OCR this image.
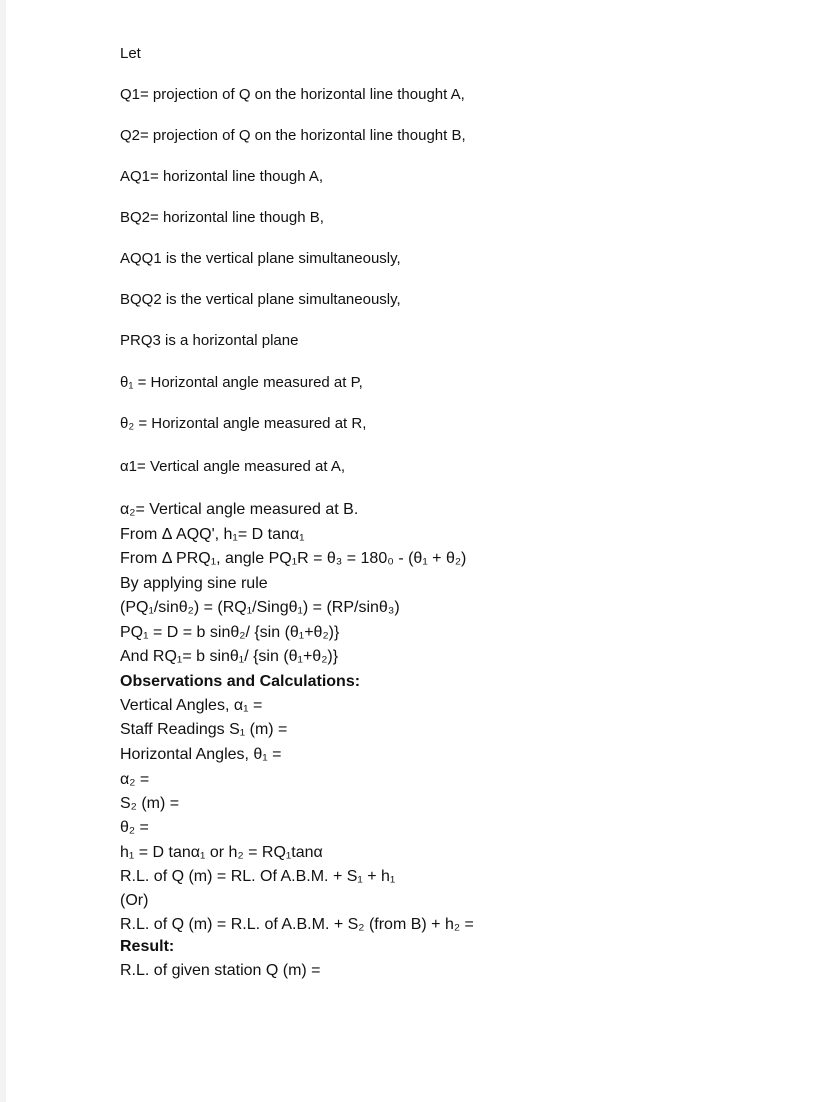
Let
Q1= projection of Q on the horizontal line thought A,
Q2= projection of Q on the horizontal line thought B,
AQ1= horizontal line though A,
BQ2= horizontal line though B,
AQQ1 is the vertical plane simultaneously,
BQQ2 is the vertical plane simultaneously,
PRQ3 is a horizontal plane
θ₁ = Horizontal angle measured at P,
θ₂ = Horizontal angle measured at R,
α1= Vertical angle measured at A,
α₂= Vertical angle measured at B.
From Δ AQQ', h₁= D tanα₁
From Δ PRQ₁, angle PQ₁R = θ₃ = 180₀ - (θ₁ + θ₂)
By applying sine rule
(PQ₁/sinθ₂) = (RQ₁/Singθ₁) = (RP/sinθ₃)
PQ₁ = D = b sinθ₂/ {sin (θ₁+θ₂)}
And RQ₁= b sinθ₁/ {sin (θ₁+θ₂)}
Observations and Calculations:
Vertical Angles, α₁ =
Staff Readings S₁ (m) =
Horizontal Angles, θ₁ =
α₂ =
S₂ (m) =
θ₂ =
h₁ = D tanα₁ or h₂ = RQ₁tanα
R.L. of Q (m) = RL. Of A.B.M. + S₁ + h₁
(Or)
R.L. of Q (m) = R.L. of A.B.M. + S₂ (from B) + h₂ =
Result:
R.L. of given station Q (m) =
